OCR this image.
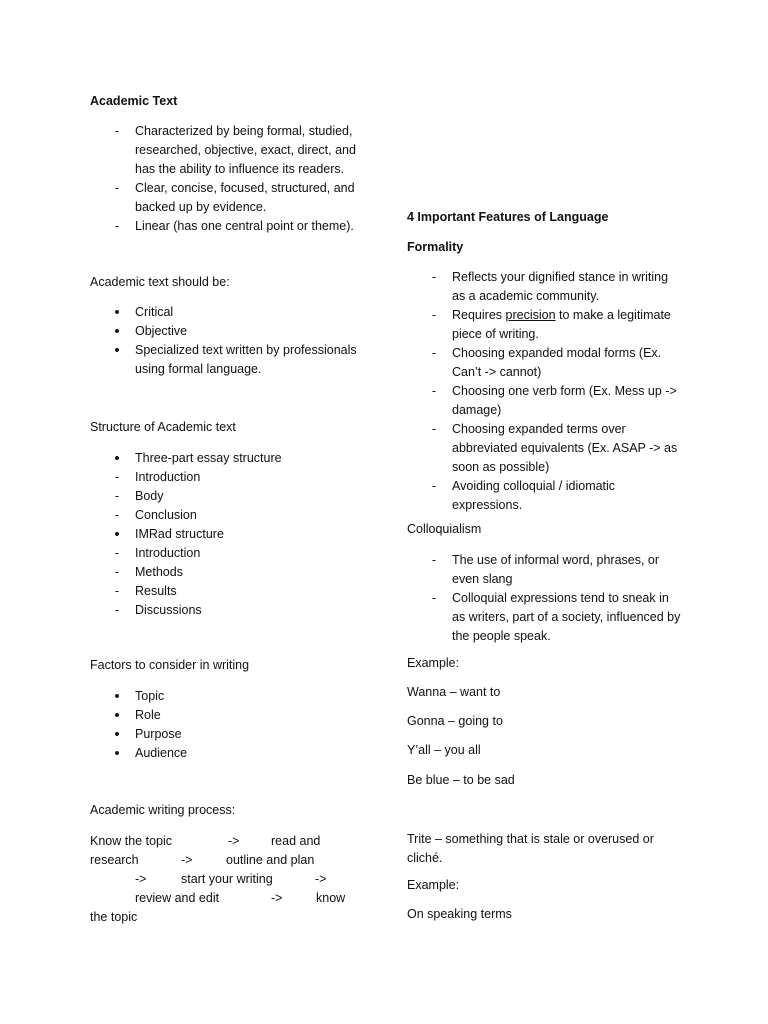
Academic Text
- Characterized by being formal, studied, researched, objective, exact, direct, and has the ability to influence its readers.
- Clear, concise, focused, structured, and backed up by evidence.
- Linear (has one central point or theme).
Academic text should be:
• Critical
• Objective
• Specialized text written by professionals using formal language.
Structure of Academic text
• Three-part essay structure
- Introduction
- Body
- Conclusion
• IMRad structure
- Introduction
- Methods
- Results
- Discussions
Factors to consider in writing
• Topic
• Role
• Purpose
• Audience
Academic writing process:
Know the topic	->	read and
research	->	outline and plan
->	start your writing	->
review and edit	->	know
the topic
4 Important Features of Language
Formality
- Reflects your dignified stance in writing as a academic community.
- Requires precision to make a legitimate piece of writing.
- Choosing expanded modal forms (Ex. Can’t -> cannot)
- Choosing one verb form (Ex. Mess up -> damage)
- Choosing expanded terms over abbreviated equivalents (Ex. ASAP -> as soon as possible)
- Avoiding colloquial / idiomatic expressions.
Colloquialism
- The use of informal word, phrases, or even slang
- Colloquial expressions tend to sneak in as writers, part of a society, influenced by the people speak.
Example:
Wanna – want to
Gonna – going to
Y’all – you all
Be blue – to be sad
Trite – something that is stale or overused or cliché.
Example:
On speaking terms
